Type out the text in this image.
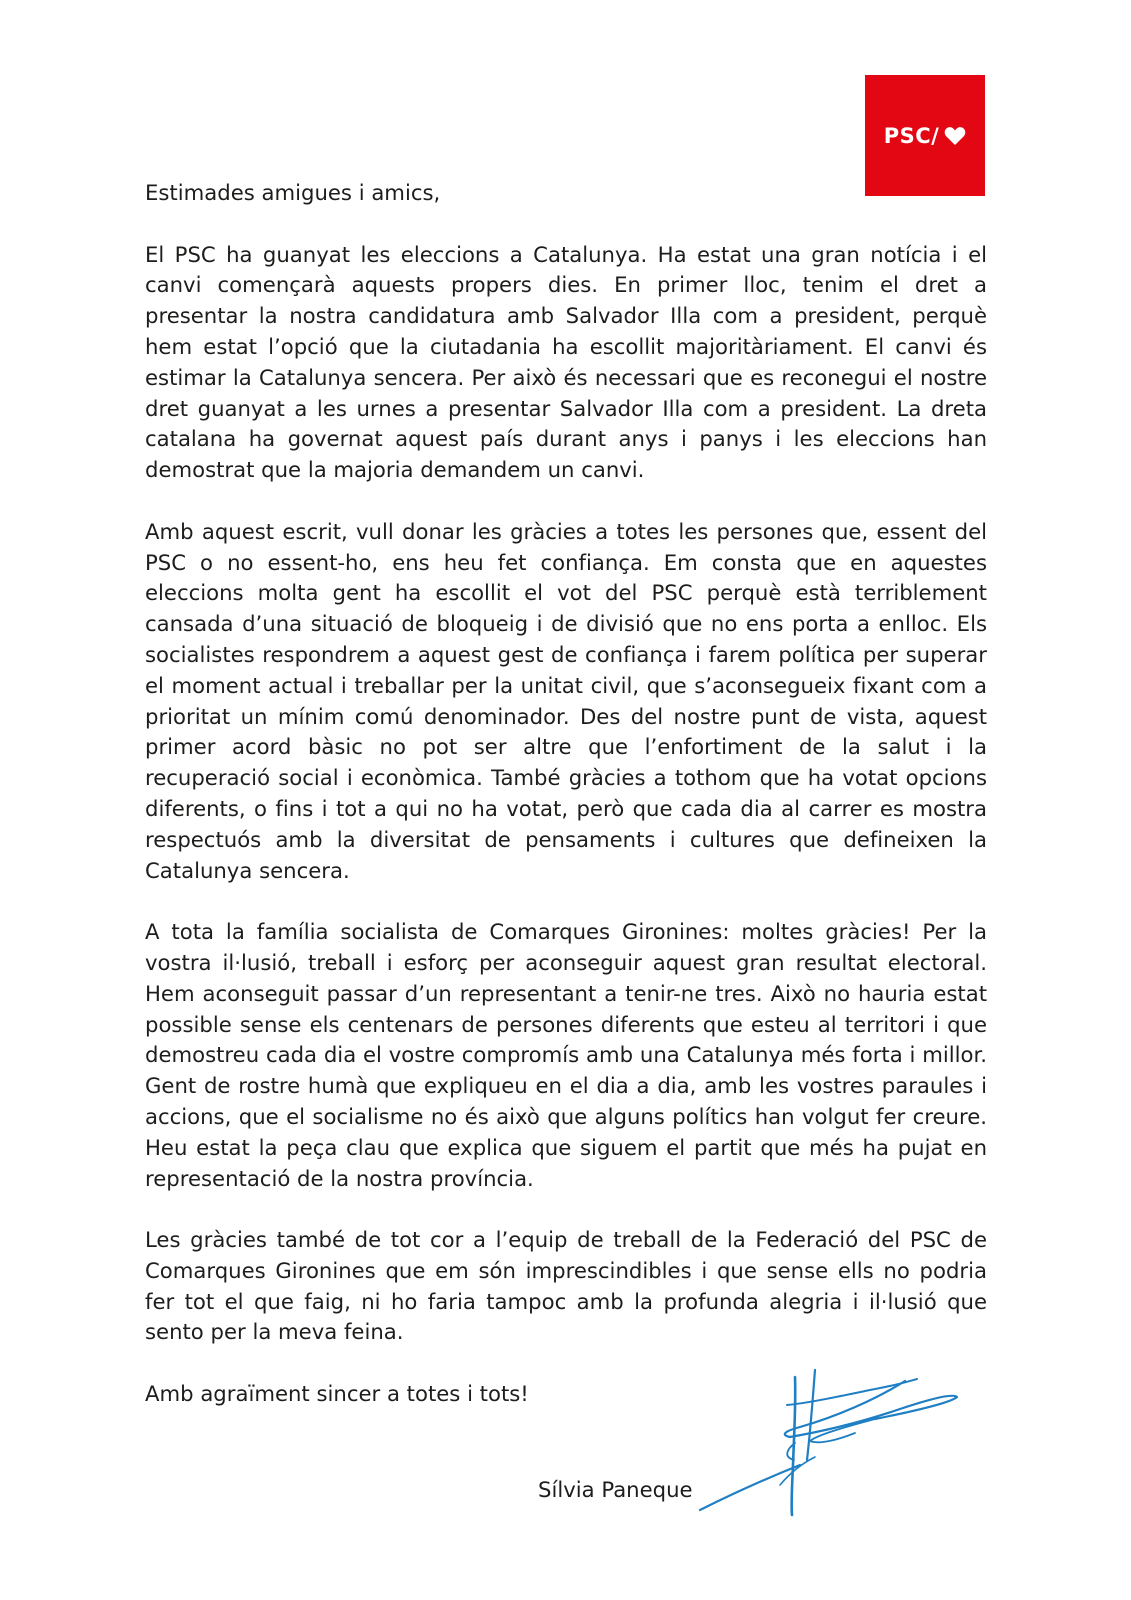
PSC/

Estimades amigues i amics,

El PSC ha guanyat les eleccions a Catalunya. Ha estat una gran notícia i el canvi començarà aquests propers dies. En primer lloc, tenim el dret a presentar la nostra candidatura amb Salvador Illa com a president, perquè hem estat l’opció que la ciutadania ha escollit majoritàriament. El canvi és estimar la Catalunya sencera. Per això és necessari que es reconegui el nostre dret guanyat a les urnes a presentar Salvador Illa com a president. La dreta catalana ha governat aquest país durant anys i panys i les eleccions han demostrat que la majoria demandem un canvi.

Amb aquest escrit, vull donar les gràcies a totes les persones que, essent del PSC o no essent-ho, ens heu fet confiança. Em consta que en aquestes eleccions molta gent ha escollit el vot del PSC perquè està terriblement cansada d’una situació de bloqueig i de divisió que no ens porta a enlloc. Els socialistes respondrem a aquest gest de confiança i farem política per superar el moment actual i treballar per la unitat civil, que s’aconsegueix fixant com a prioritat un mínim comú denominador. Des del nostre punt de vista, aquest primer acord bàsic no pot ser altre que l’enfortiment de la salut i la recuperació social i econòmica. També gràcies a tothom que ha votat opcions diferents, o fins i tot a qui no ha votat, però que cada dia al carrer es mostra respectuós amb la diversitat de pensaments i cultures que defineixen la Catalunya sencera.

A tota la família socialista de Comarques Gironines: moltes gràcies! Per la vostra il·lusió, treball i esforç per aconseguir aquest gran resultat electoral. Hem aconseguit passar d’un representant a tenir-ne tres. Això no hauria estat possible sense els centenars de persones diferents que esteu al territori i que demostreu cada dia el vostre compromís amb una Catalunya més forta i millor. Gent de rostre humà que expliqueu en el dia a dia, amb les vostres paraules i accions, que el socialisme no és això que alguns polítics han volgut fer creure. Heu estat la peça clau que explica que siguem el partit que més ha pujat en representació de la nostra província.

Les gràcies també de tot cor a l’equip de treball de la Federació del PSC de Comarques Gironines que em són imprescindibles i que sense ells no podria fer tot el que faig, ni ho faria tampoc amb la profunda alegria i il·lusió que sento per la meva feina.

Amb agraïment sincer a totes i tots!

Sílvia Paneque
